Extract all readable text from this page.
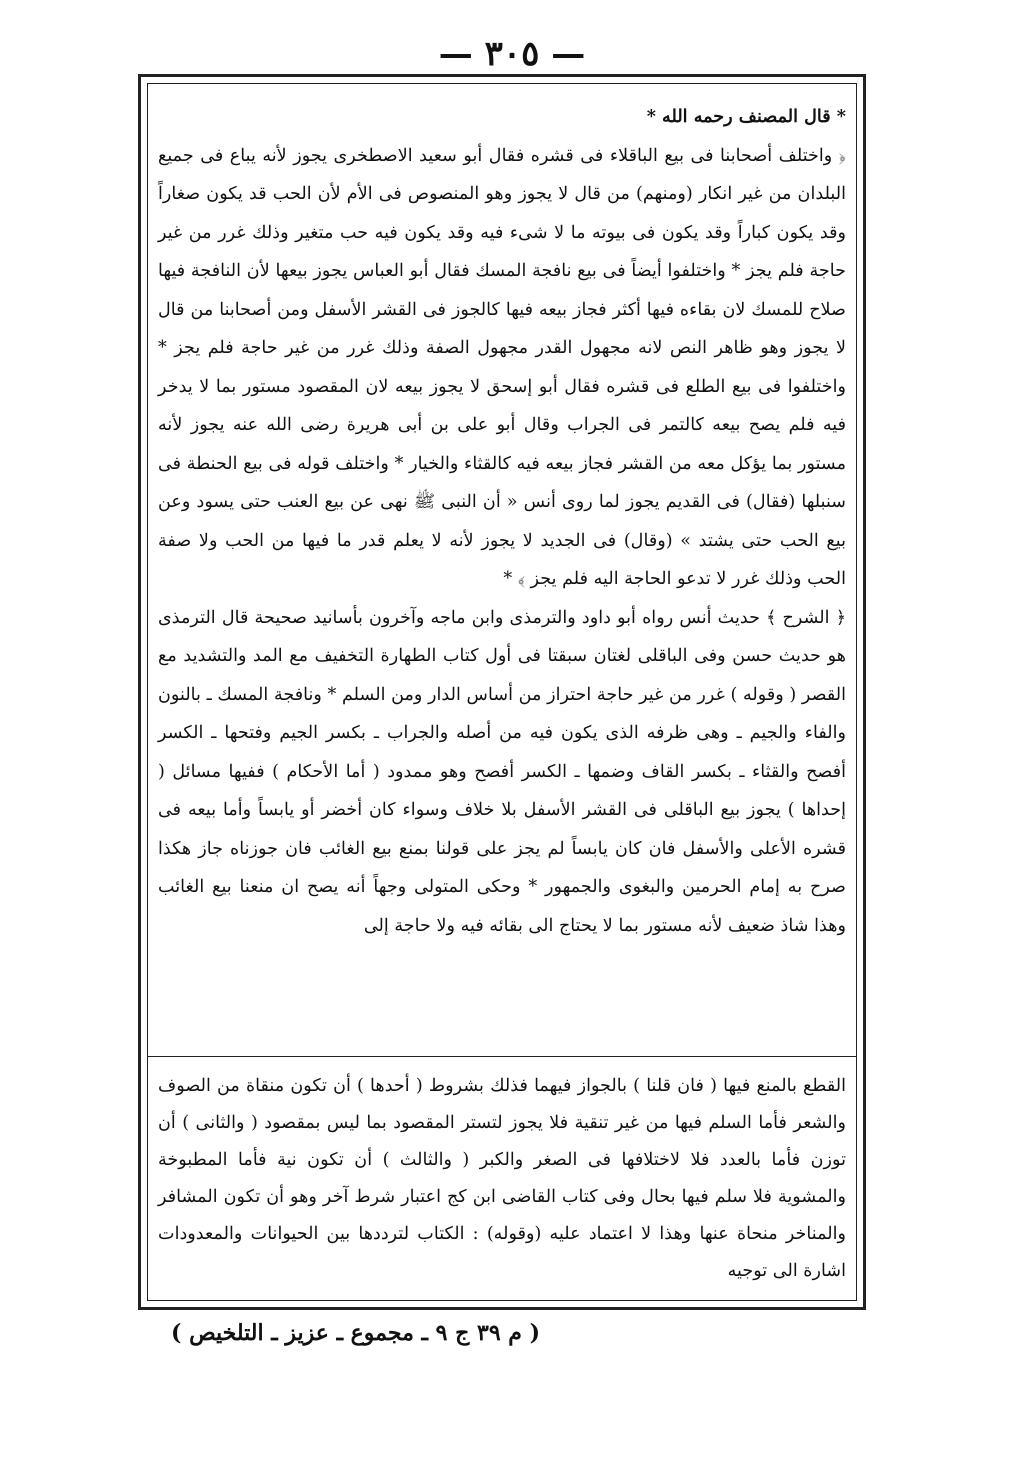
— ٣٠٥ —

* قال المصنف رحمه الله *

﴿ واختلف أصحابنا فى بيع الباقلاء فى قشره فقال أبو سعيد الاصطخرى يجوز لأنه يباع فى جميع البلدان من غير انكار (ومنهم) من قال لا يجوز وهو المنصوص فى الأم لأن الحب قد يكون صغاراً وقد يكون كباراً وقد يكون فى بيوته ما لا شىء فيه وقد يكون فيه حب متغير وذلك غرر من غير حاجة فلم يجز * واختلفوا أيضاً فى بيع نافجة المسك فقال أبو العباس يجوز بيعها لأن النافجة فيها صلاح للمسك لان بقاءه فيها أكثر فجاز بيعه فيها كالجوز فى القشر الأسفل ومن أصحابنا من قال لا يجوز وهو ظاهر النص لانه مجهول القدر مجهول الصفة وذلك غرر من غير حاجة فلم يجز * واختلفوا فى بيع الطلع فى قشره فقال أبو إسحق لا يجوز بيعه لان المقصود مستور بما لا يدخر فيه فلم يصح بيعه كالتمر فى الجراب وقال أبو على بن أبى هريرة رضى الله عنه يجوز لأنه مستور بما يؤكل معه من القشر فجاز بيعه فيه كالقثاء والخيار * واختلف قوله فى بيع الحنطة فى سنبلها (فقال) فى القديم يجوز لما روى أنس « أن النبى ﷺ نهى عن بيع العنب حتى يسود وعن بيع الحب حتى يشتد » (وقال) فى الجديد لا يجوز لأنه لا يعلم قدر ما فيها من الحب ولا صفة الحب وذلك غرر لا تدعو الحاجة اليه فلم يجز ﴾ *

﴿ الشرح ﴾ حديث أنس رواه أبو داود والترمذى وابن ماجه وآخرون بأسانيد صحيحة قال الترمذى هو حديث حسن وفى الباقلى لغتان سبقتا فى أول كتاب الطهارة التخفيف مع المد والتشديد مع القصر ( وقوله ) غرر من غير حاجة احتراز من أساس الدار ومن السلم * ونافجة المسك ـ بالنون والفاء والجيم ـ وهى ظرفه الذى يكون فيه من أصله والجراب ـ بكسر الجيم وفتحها ـ الكسر أفصح والقثاء ـ بكسر القاف وضمها ـ الكسر أفصح وهو ممدود ( أما الأحكام ) ففيها مسائل ( إحداها ) يجوز بيع الباقلى فى القشر الأسفل بلا خلاف وسواء كان أخضر أو يابساً وأما بيعه فى قشره الأعلى والأسفل فان كان يابساً لم يجز على قولنا بمنع بيع الغائب فان جوزناه جاز هكذا صرح به إمام الحرمين والبغوى والجمهور * وحكى المتولى وجهاً أنه يصح ان منعنا بيع الغائب وهذا شاذ ضعيف لأنه مستور بما لا يحتاج الى بقائه فيه ولا حاجة إلى

القطع بالمنع فيها ( فان قلنا ) بالجواز فيهما فذلك بشروط ( أحدها ) أن تكون منقاة من الصوف والشعر فأما السلم فيها من غير تنقية فلا يجوز لتستر المقصود بما ليس بمقصود ( والثانى ) أن توزن فأما بالعدد فلا لاختلافها فى الصغر والكبر ( والثالث ) أن تكون نية فأما المطبوخة والمشوية فلا سلم فيها بحال وفى كتاب القاضى ابن كج اعتبار شرط آخر وهو أن تكون المشافر والمناخر منحاة عنها وهذا لا اعتماد عليه (وقوله) : الكتاب لترددها بين الحيوانات والمعدودات اشارة الى توجيه

( م ٣٩ ج ٩ ـ مجموع ـ عزيز ـ التلخيص )
